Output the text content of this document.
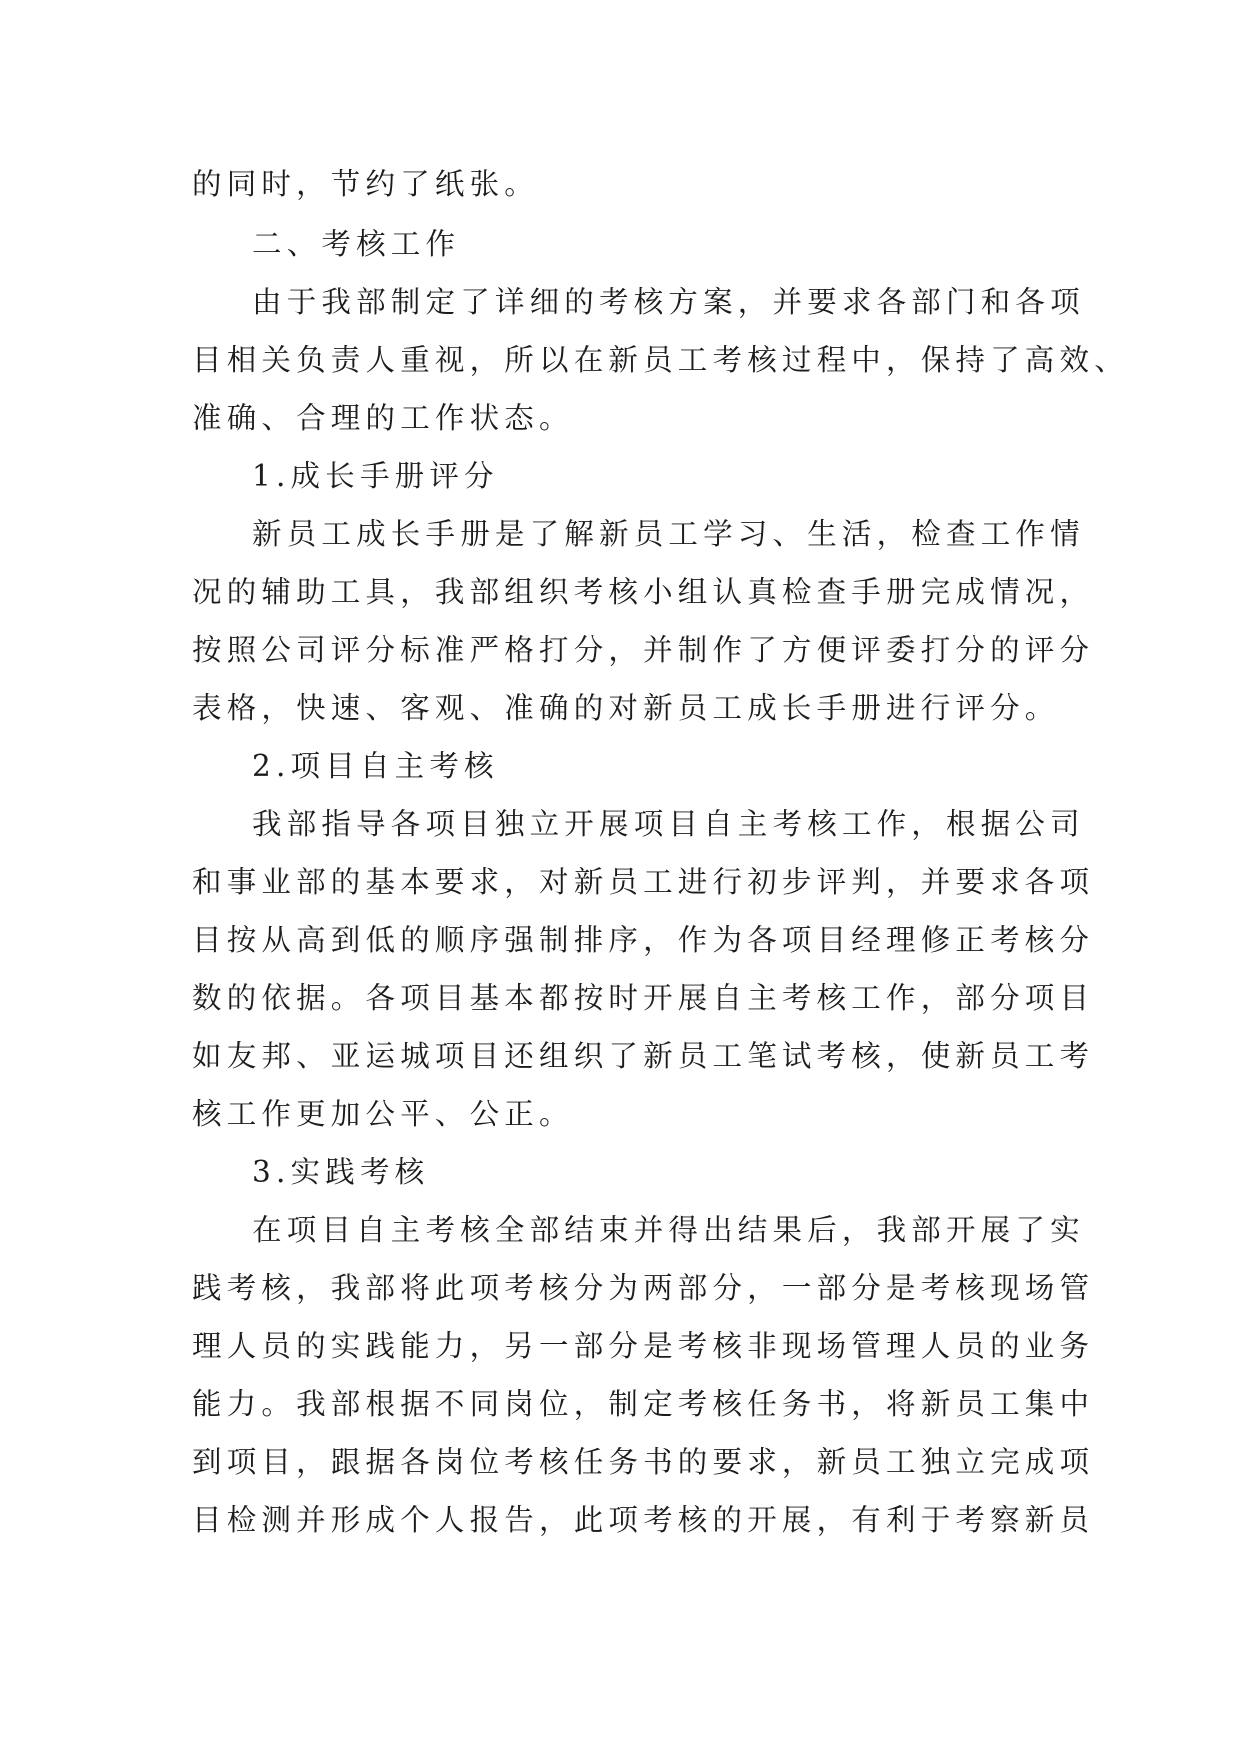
的同时，节约了纸张。
二、考核工作
由于我部制定了详细的考核方案，并要求各部门和各项
目相关负责人重视，所以在新员工考核过程中，保持了高效、
准确、合理的工作状态。
1.成长手册评分
新员工成长手册是了解新员工学习、生活，检查工作情
况的辅助工具，我部组织考核小组认真检查手册完成情况，
按照公司评分标准严格打分，并制作了方便评委打分的评分
表格，快速、客观、准确的对新员工成长手册进行评分。
2.项目自主考核
我部指导各项目独立开展项目自主考核工作，根据公司
和事业部的基本要求，对新员工进行初步评判，并要求各项
目按从高到低的顺序强制排序，作为各项目经理修正考核分
数的依据。各项目基本都按时开展自主考核工作，部分项目
如友邦、亚运城项目还组织了新员工笔试考核，使新员工考
核工作更加公平、公正。
3.实践考核
在项目自主考核全部结束并得出结果后，我部开展了实
践考核，我部将此项考核分为两部分，一部分是考核现场管
理人员的实践能力，另一部分是考核非现场管理人员的业务
能力。我部根据不同岗位，制定考核任务书，将新员工集中
到项目，跟据各岗位考核任务书的要求，新员工独立完成项
目检测并形成个人报告，此项考核的开展，有利于考察新员
